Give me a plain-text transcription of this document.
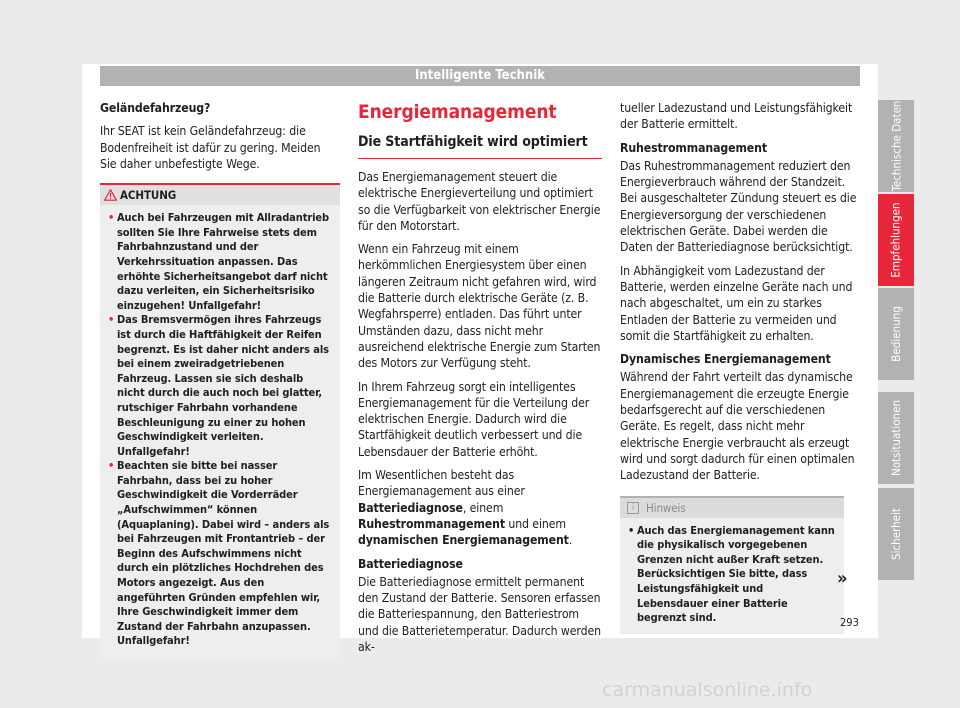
Intelligente Technik

Geländefahrzeug?

Ihr SEAT ist kein Geländefahrzeug: die Bodenfreiheit ist dafür zu gering. Meiden Sie daher unbefestigte Wege.

ACHTUNG
• Auch bei Fahrzeugen mit Allradantrieb sollten Sie Ihre Fahrweise stets dem Fahrbahnzustand und der Verkehrssituation anpassen. Das erhöhte Sicherheitsangebot darf nicht dazu verleiten, ein Sicherheitsrisiko einzugehen! Unfallgefahr!
• Das Bremsvermögen ihres Fahrzeugs ist durch die Haftfähigkeit der Reifen begrenzt. Es ist daher nicht anders als bei einem zweiradgetriebenen Fahrzeug. Lassen sie sich deshalb nicht durch die auch noch bei glatter, rutschiger Fahrbahn vorhandene Beschleunigung zu einer zu hohen Geschwindigkeit verleiten. Unfallgefahr!
• Beachten sie bitte bei nasser Fahrbahn, dass bei zu hoher Geschwindigkeit die Vorderräder „Aufschwimmen“ können (Aquaplaning). Dabei wird – anders als bei Fahrzeugen mit Frontantrieb – der Beginn des Aufschwimmens nicht durch ein plötzliches Hochdrehen des Motors angezeigt. Aus den angeführten Gründen empfehlen wir, Ihre Geschwindigkeit immer dem Zustand der Fahrbahn anzupassen. Unfallgefahr!
Energiemanagement
Die Startfähigkeit wird optimiert

Das Energiemanagement steuert die elektrische Energieverteilung und optimiert so die Verfügbarkeit von elektrischer Energie für den Motorstart.

Wenn ein Fahrzeug mit einem herkömmlichen Energiesystem über einen längeren Zeitraum nicht gefahren wird, wird die Batterie durch elektrische Geräte (z. B. Wegfahrsperre) entladen. Das führt unter Umständen dazu, dass nicht mehr ausreichend elektrische Energie zum Starten des Motors zur Verfügung steht.

In Ihrem Fahrzeug sorgt ein intelligentes Energiemanagement für die Verteilung der elektrischen Energie. Dadurch wird die Startfähigkeit deutlich verbessert und die Lebensdauer der Batterie erhöht.

Im Wesentlichen besteht das Energiemanagement aus einer Batteriediagnose, einem Ruhestrommanagement und einem dynamischen Energiemanagement.

Batteriediagnose

Die Batteriediagnose ermittelt permanent den Zustand der Batterie. Sensoren erfassen die Batteriespannung, den Batteriestrom und die Batterietemperatur. Dadurch werden ak-

tueller Ladezustand und Leistungsfähigkeit der Batterie ermittelt.

Ruhestrommanagement

Das Ruhestrommanagement reduziert den Energieverbrauch während der Standzeit. Bei ausgeschalteter Zündung steuert es die Energieversorgung der verschiedenen elektrischen Geräte. Dabei werden die Daten der Batteriediagnose berücksichtigt.

In Abhängigkeit vom Ladezustand der Batterie, werden einzelne Geräte nach und nach abgeschaltet, um ein zu starkes Entladen der Batterie zu vermeiden und somit die Startfähigkeit zu erhalten.

Dynamisches Energiemanagement

Während der Fahrt verteilt das dynamische Energiemanagement die erzeugte Energie bedarfsgerecht auf die verschiedenen Geräte. Es regelt, dass nicht mehr elektrische Energie verbraucht als erzeugt wird und sorgt dadurch für einen optimalen Ladezustand der Batterie.

i	Hinweis
• Auch das Energiemanagement kann die physikalisch vorgegebenen Grenzen nicht außer Kraft setzen. Berücksichtigen Sie bitte, dass Leistungsfähigkeit und Lebensdauer einer Batterie begrenzt sind.
»
Technische Daten
Empfehlungen
Bedienung
Notsituationen
Sicherheit
293
carmanualsonline.info
